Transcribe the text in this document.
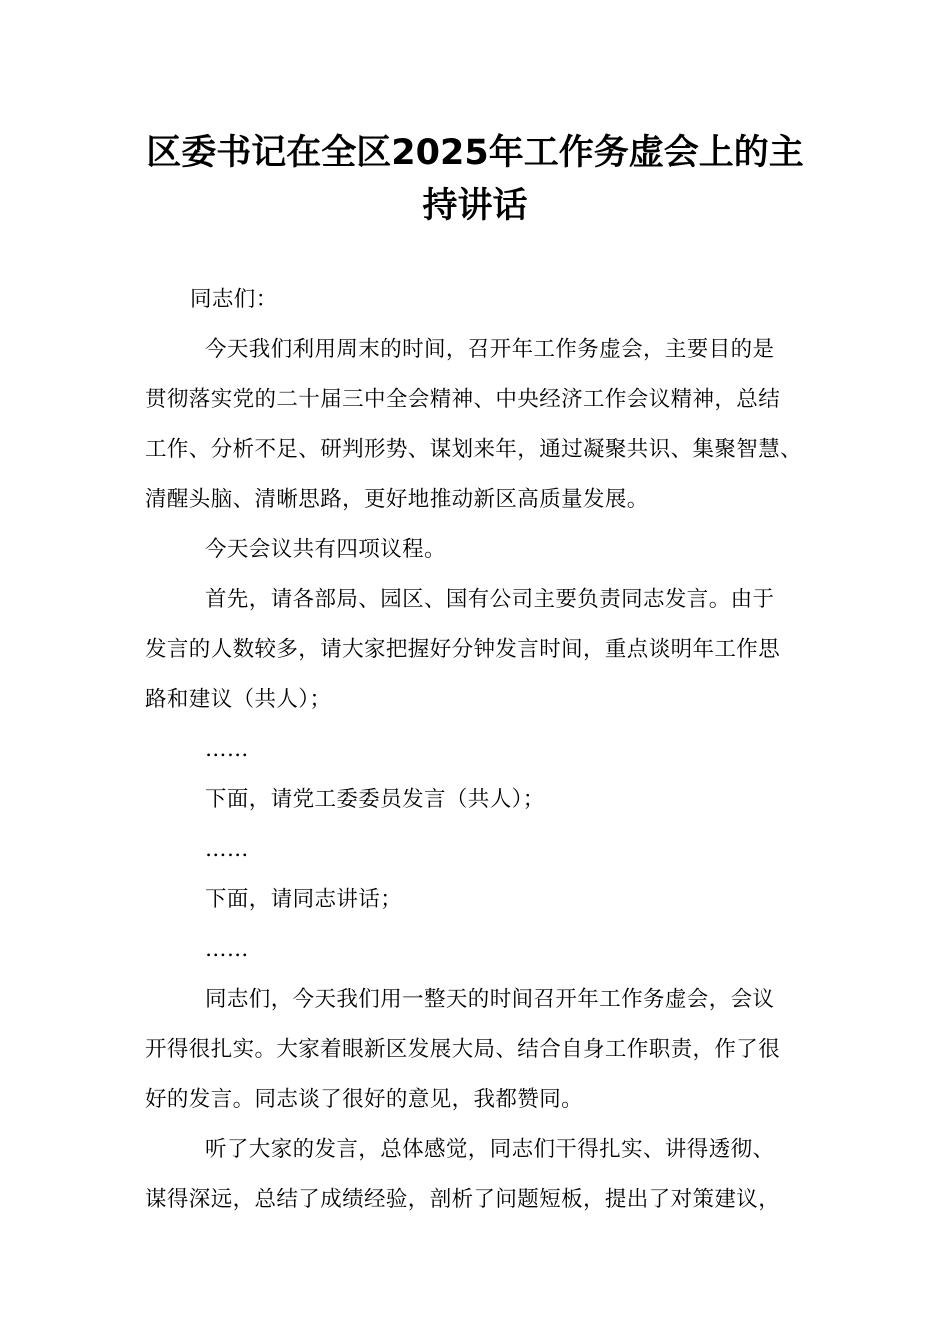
区委书记在全区2025年工作务虚会上的主
持讲话
同志们：
今天我们利用周末的时间，召开年工作务虚会，主要目的是
贯彻落实党的二十届三中全会精神、中央经济工作会议精神，总结
工作、分析不足、研判形势、谋划来年，通过凝聚共识、集聚智慧、
清醒头脑、清晰思路，更好地推动新区高质量发展。
今天会议共有四项议程。
首先，请各部局、园区、国有公司主要负责同志发言。由于
发言的人数较多，请大家把握好分钟发言时间，重点谈明年工作思
路和建议（共人）；
……
下面，请党工委委员发言（共人）；
……
下面，请同志讲话；
……
同志们，今天我们用一整天的时间召开年工作务虚会，会议
开得很扎实。大家着眼新区发展大局、结合自身工作职责，作了很
好的发言。同志谈了很好的意见，我都赞同。
听了大家的发言，总体感觉，同志们干得扎实、讲得透彻、
谋得深远，总结了成绩经验，剖析了问题短板，提出了对策建议，
